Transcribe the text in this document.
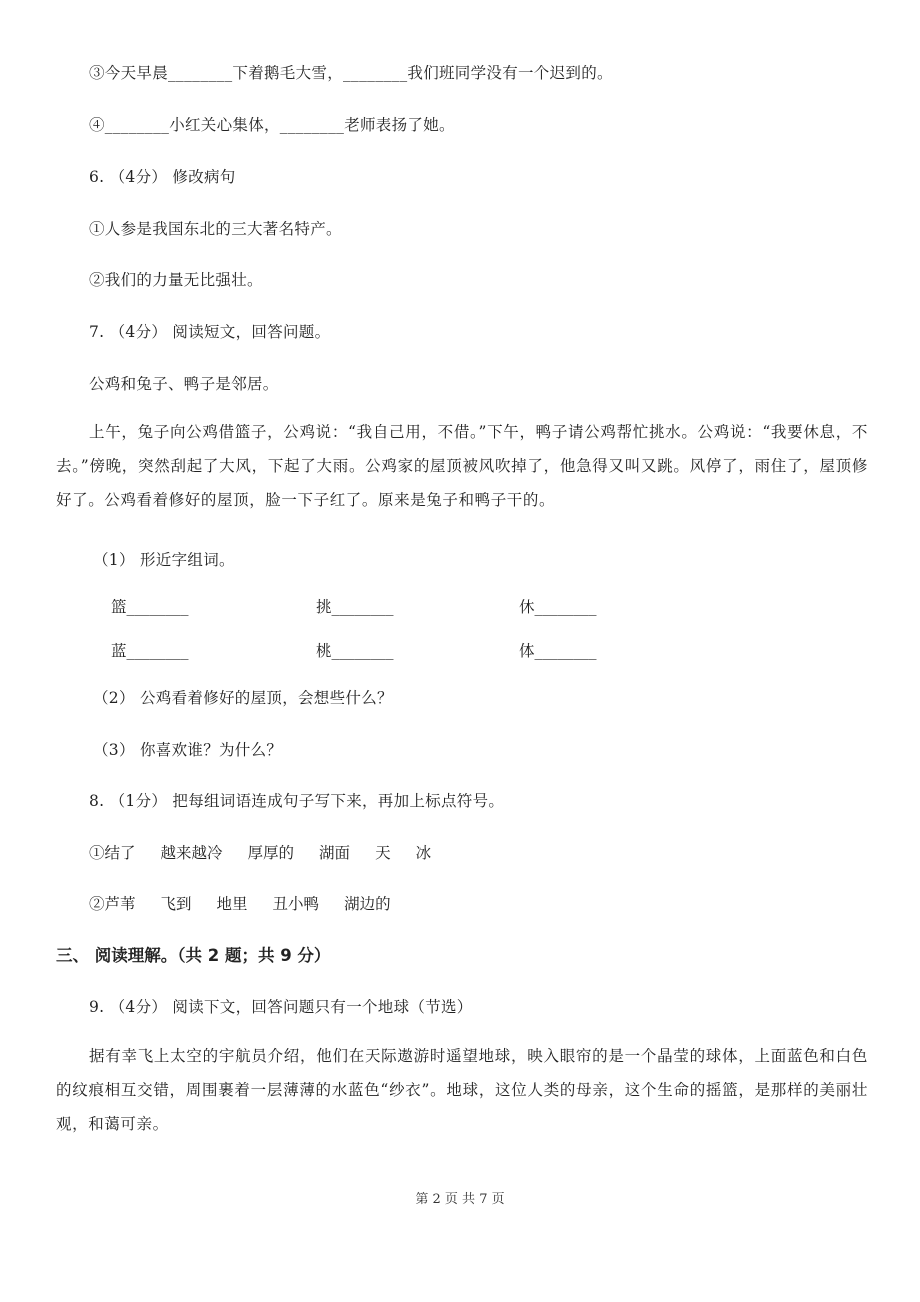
③今天早晨________下着鹅毛大雪，________我们班同学没有一个迟到的。

④________小红关心集体，________老师表扬了她。

6. （4分） 修改病句

①人参是我国东北的三大著名特产。

②我们的力量无比强壮。

7. （4分） 阅读短文，回答问题。

公鸡和兔子、鸭子是邻居。

上午，兔子向公鸡借篮子，公鸡说：“我自己用，不借。”下午，鸭子请公鸡帮忙挑水。公鸡说：“我要休息，不去。”傍晚，突然刮起了大风，下起了大雨。公鸡家的屋顶被风吹掉了，他急得又叫又跳。风停了，雨住了，屋顶修好了。公鸡看着修好的屋顶，脸一下子红了。原来是兔子和鸭子干的。

（1） 形近字组词。

篮________	挑________	休________

蓝________	桃________	体________

（2） 公鸡看着修好的屋顶，会想些什么？

（3） 你喜欢谁？为什么？

8. （1分） 把每组词语连成句子写下来，再加上标点符号。

①结了 越来越冷 厚厚的 湖面 天 冰
②芦苇 飞到 地里 丑小鸭 湖边的

三、 阅读理解。（共 2 题；共 9 分）

9. （4分） 阅读下文，回答问题只有一个地球（节选）

据有幸飞上太空的宇航员介绍，他们在天际遨游时遥望地球，映入眼帘的是一个晶莹的球体，上面蓝色和白色的纹痕相互交错，周围裹着一层薄薄的水蓝色“纱衣”。地球，这位人类的母亲，这个生命的摇篮，是那样的美丽壮观，和蔼可亲。

第 2 页 共 7 页
